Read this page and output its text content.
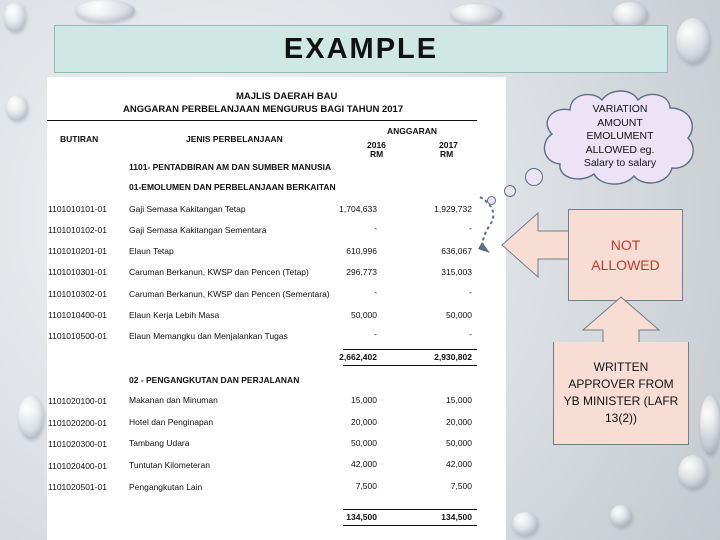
EXAMPLE
MAJLIS DAERAH BAU
ANGGARAN PERBELANJAAN MENGURUS BAGI TAHUN 2017
ANGGARAN
BUTIRAN	JENIS PERBELANJAAN
2016	2017
RM	RM
1101- PENTADBIRAN AM DAN SUMBER MANUSIA
01-EMOLUMEN DAN PERBELANJAAN BERKAITAN
1101010101-01	Gaji Semasa Kakitangan Tetap	1,704,633	1,929,732
1101010102-01	Gaji Semasa Kakitangan Sementara	-	-
1101010201-01	Elaun Tetap	610,996	636,067
1101010301-01	Caruman Berkanun, KWSP dan Pencen (Tetap)	296,773	315,003
1101010302-01	Caruman Berkanun, KWSP dan Pencen (Sementara)	-	-
1101010400-01	Elaun Kerja Lebih Masa	50,000	50,000
1101010500-01	Elaun Memangku dan Menjalankan Tugas	-	-
2,662,402	2,930,802
02 - PENGANGKUTAN DAN PERJALANAN
1101020100-01	Makanan dan Minuman	15,000	15,000
1101020200-01	Hotel dan Penginapan	20,000	20,000
1101020300-01	Tambang Udara	50,000	50,000
1101020400-01	Tuntutan Kilometeran	42,000	42,000
1101020501-01	Pengangkutan Lain	7,500	7,500
134,500	134,500
VARIATION
AMOUNT
EMOLUMENT
ALLOWED eg.
Salary to salary
NOT
ALLOWED
WRITTEN
APPROVER FROM
YB MINISTER (LAFR
13(2))
